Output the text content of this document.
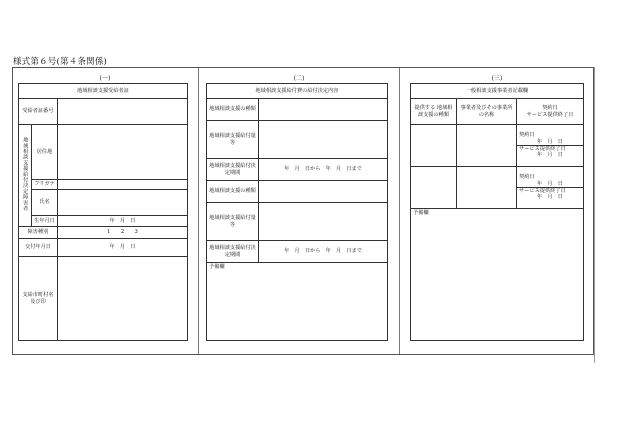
様式第６号(第４条関係)
(一)	(二)	(三)
地域相談支援受給者証		
受給者証番号		
地域相談支援給付決定障害者	居住地	
	フリガナ	
	氏名	
	生年月日	年　月　日
障害種別		1　　2　　3
交付年月日		年　月　日
支給市町村名及び印		
地域相談支援給付費の給付決定内容	
地域相談支援の種類	
地域相談支援給付量等	
地域相談支援給付決定期間	年　月　日から　年　月　日まで
地域相談支援の種類	
地域相談支援給付量等	
地域相談支援給付決定期間	年　月　日から　年　月　日まで
予備欄	
一般相談支援事業者記載欄		
提供する 地域相談支援の種類	事業者及びその事業所の名称	契約日
サービス提供終了日

		契約日
年　月　日
サービス提供終了日
年　月　日

		契約日
年　月　日
サービス提供終了日
年　月　日

予備欄		
